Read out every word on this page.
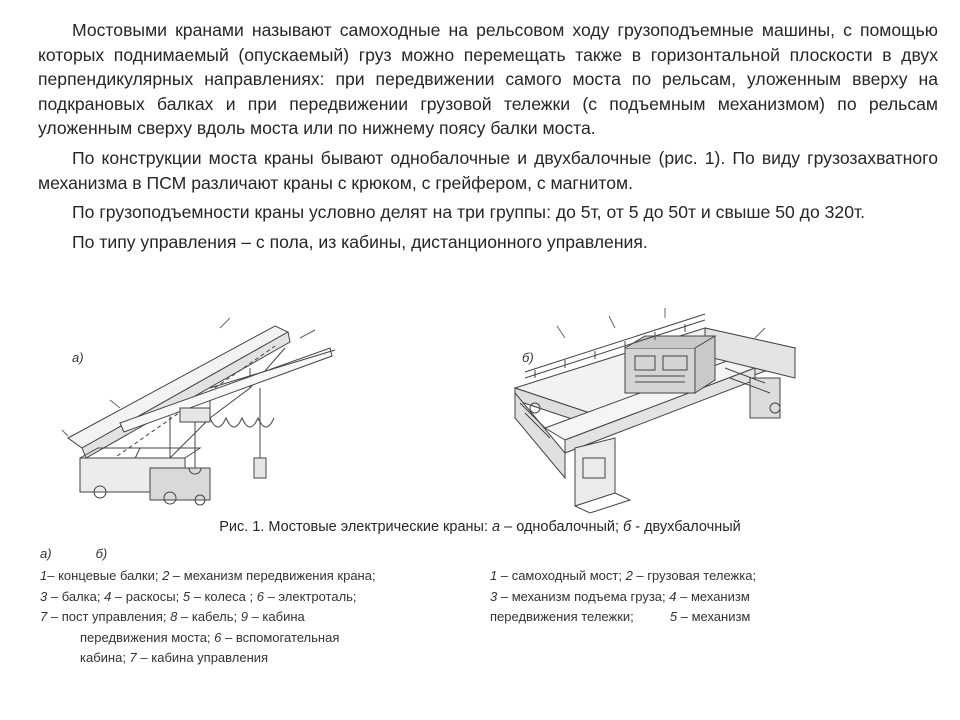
Мостовыми кранами называют самоходные на рельсовом ходу грузоподъемные машины, с помощью которых поднимаемый (опускаемый) груз можно перемещать также в горизонтальной плоскости в двух перпендикулярных направлениях: при передвижении самого моста по рельсам, уложенным вверху на подкрановых балках и при передвижении грузовой тележки (с подъемным механизмом) по рельсам уложенным сверху вдоль моста или по нижнему поясу балки моста.

По конструкции моста краны бывают однобалочные и двухбалочные (рис. 1). По виду грузозахватного механизма в ПСМ различают краны с крюком, с грейфером, с магнитом.

По грузоподъемности краны условно делят на три группы: до 5т, от 5 до 50т и свыше 50 до 320т.

По типу управления – с пола, из кабины, дистанционного управления.

а)	б)
Рис. 1. Мостовые электрические краны: а – однобалочный; б - двухбалочный
а)	б)
1– концевые балки; 2 – механизм передвижения крана;
3 – балка; 4 – раскосы; 5 – колеса ; 6 – электроталь;
7 – пост управления; 8 – кабель; 9 – кабина
передвижения моста; 6 – вспомогательная
кабина; 7 – кабина управления
1 – самоходный мост; 2 – грузовая тележка;
3 – механизм подъема груза; 4 – механизм
передвижения тележки;          5 – механизм
